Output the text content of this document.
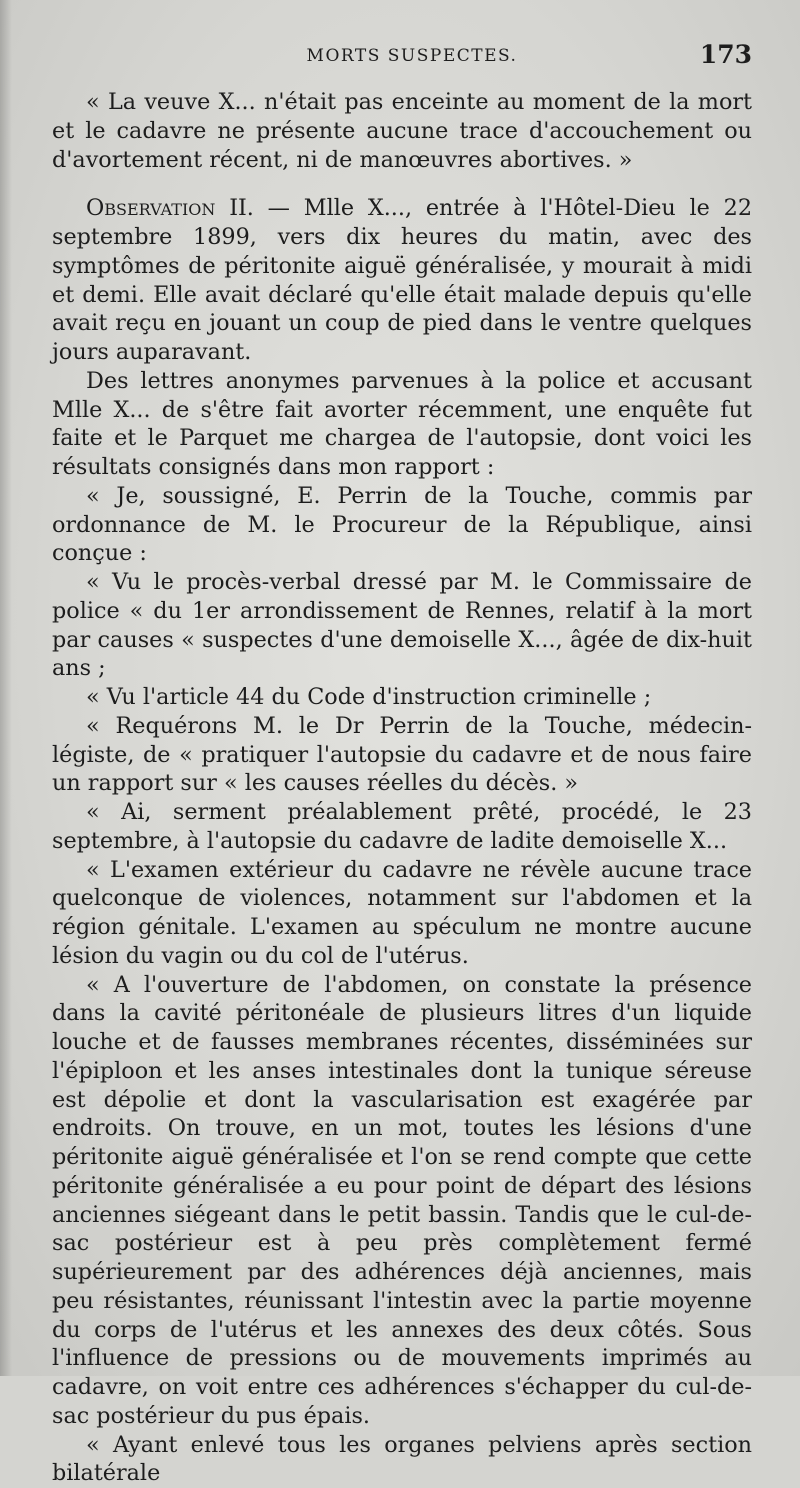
MORTS SUSPECTES.	173

« La veuve X... n'était pas enceinte au moment de la mort et le cadavre ne présente aucune trace d'accouchement ou d'avortement récent, ni de manœuvres abortives. »

Observation II. — Mlle X..., entrée à l'Hôtel-Dieu le 22 septembre 1899, vers dix heures du matin, avec des symptômes de péritonite aiguë généralisée, y mourait à midi et demi. Elle avait déclaré qu'elle était malade depuis qu'elle avait reçu en jouant un coup de pied dans le ventre quelques jours auparavant.

Des lettres anonymes parvenues à la police et accusant Mlle X... de s'être fait avorter récemment, une enquête fut faite et le Parquet me chargea de l'autopsie, dont voici les résultats consignés dans mon rapport :

« Je, soussigné, E. Perrin de la Touche, commis par ordonnance de M. le Procureur de la République, ainsi conçue :

« Vu le procès-verbal dressé par M. le Commissaire de police « du 1er arrondissement de Rennes, relatif à la mort par causes « suspectes d'une demoiselle X..., âgée de dix-huit ans ;

« Vu l'article 44 du Code d'instruction criminelle ;

« Requérons M. le Dr Perrin de la Touche, médecin-légiste, de « pratiquer l'autopsie du cadavre et de nous faire un rapport sur « les causes réelles du décès. »

« Ai, serment préalablement prêté, procédé, le 23 septembre, à l'autopsie du cadavre de ladite demoiselle X...

« L'examen extérieur du cadavre ne révèle aucune trace quelconque de violences, notamment sur l'abdomen et la région génitale. L'examen au spéculum ne montre aucune lésion du vagin ou du col de l'utérus.

« A l'ouverture de l'abdomen, on constate la présence dans la cavité péritonéale de plusieurs litres d'un liquide louche et de fausses membranes récentes, disséminées sur l'épiploon et les anses intestinales dont la tunique séreuse est dépolie et dont la vascularisation est exagérée par endroits. On trouve, en un mot, toutes les lésions d'une péritonite aiguë généralisée et l'on se rend compte que cette péritonite généralisée a eu pour point de départ des lésions anciennes siégeant dans le petit bassin. Tandis que le cul-de-sac postérieur est à peu près complètement fermé supérieurement par des adhérences déjà anciennes, mais peu résistantes, réunissant l'intestin avec la partie moyenne du corps de l'utérus et les annexes des deux côtés. Sous l'influence de pressions ou de mouvements imprimés au cadavre, on voit entre ces adhérences s'échapper du cul-de-sac postérieur du pus épais.

« Ayant enlevé tous les organes pelviens après section bilatérale
